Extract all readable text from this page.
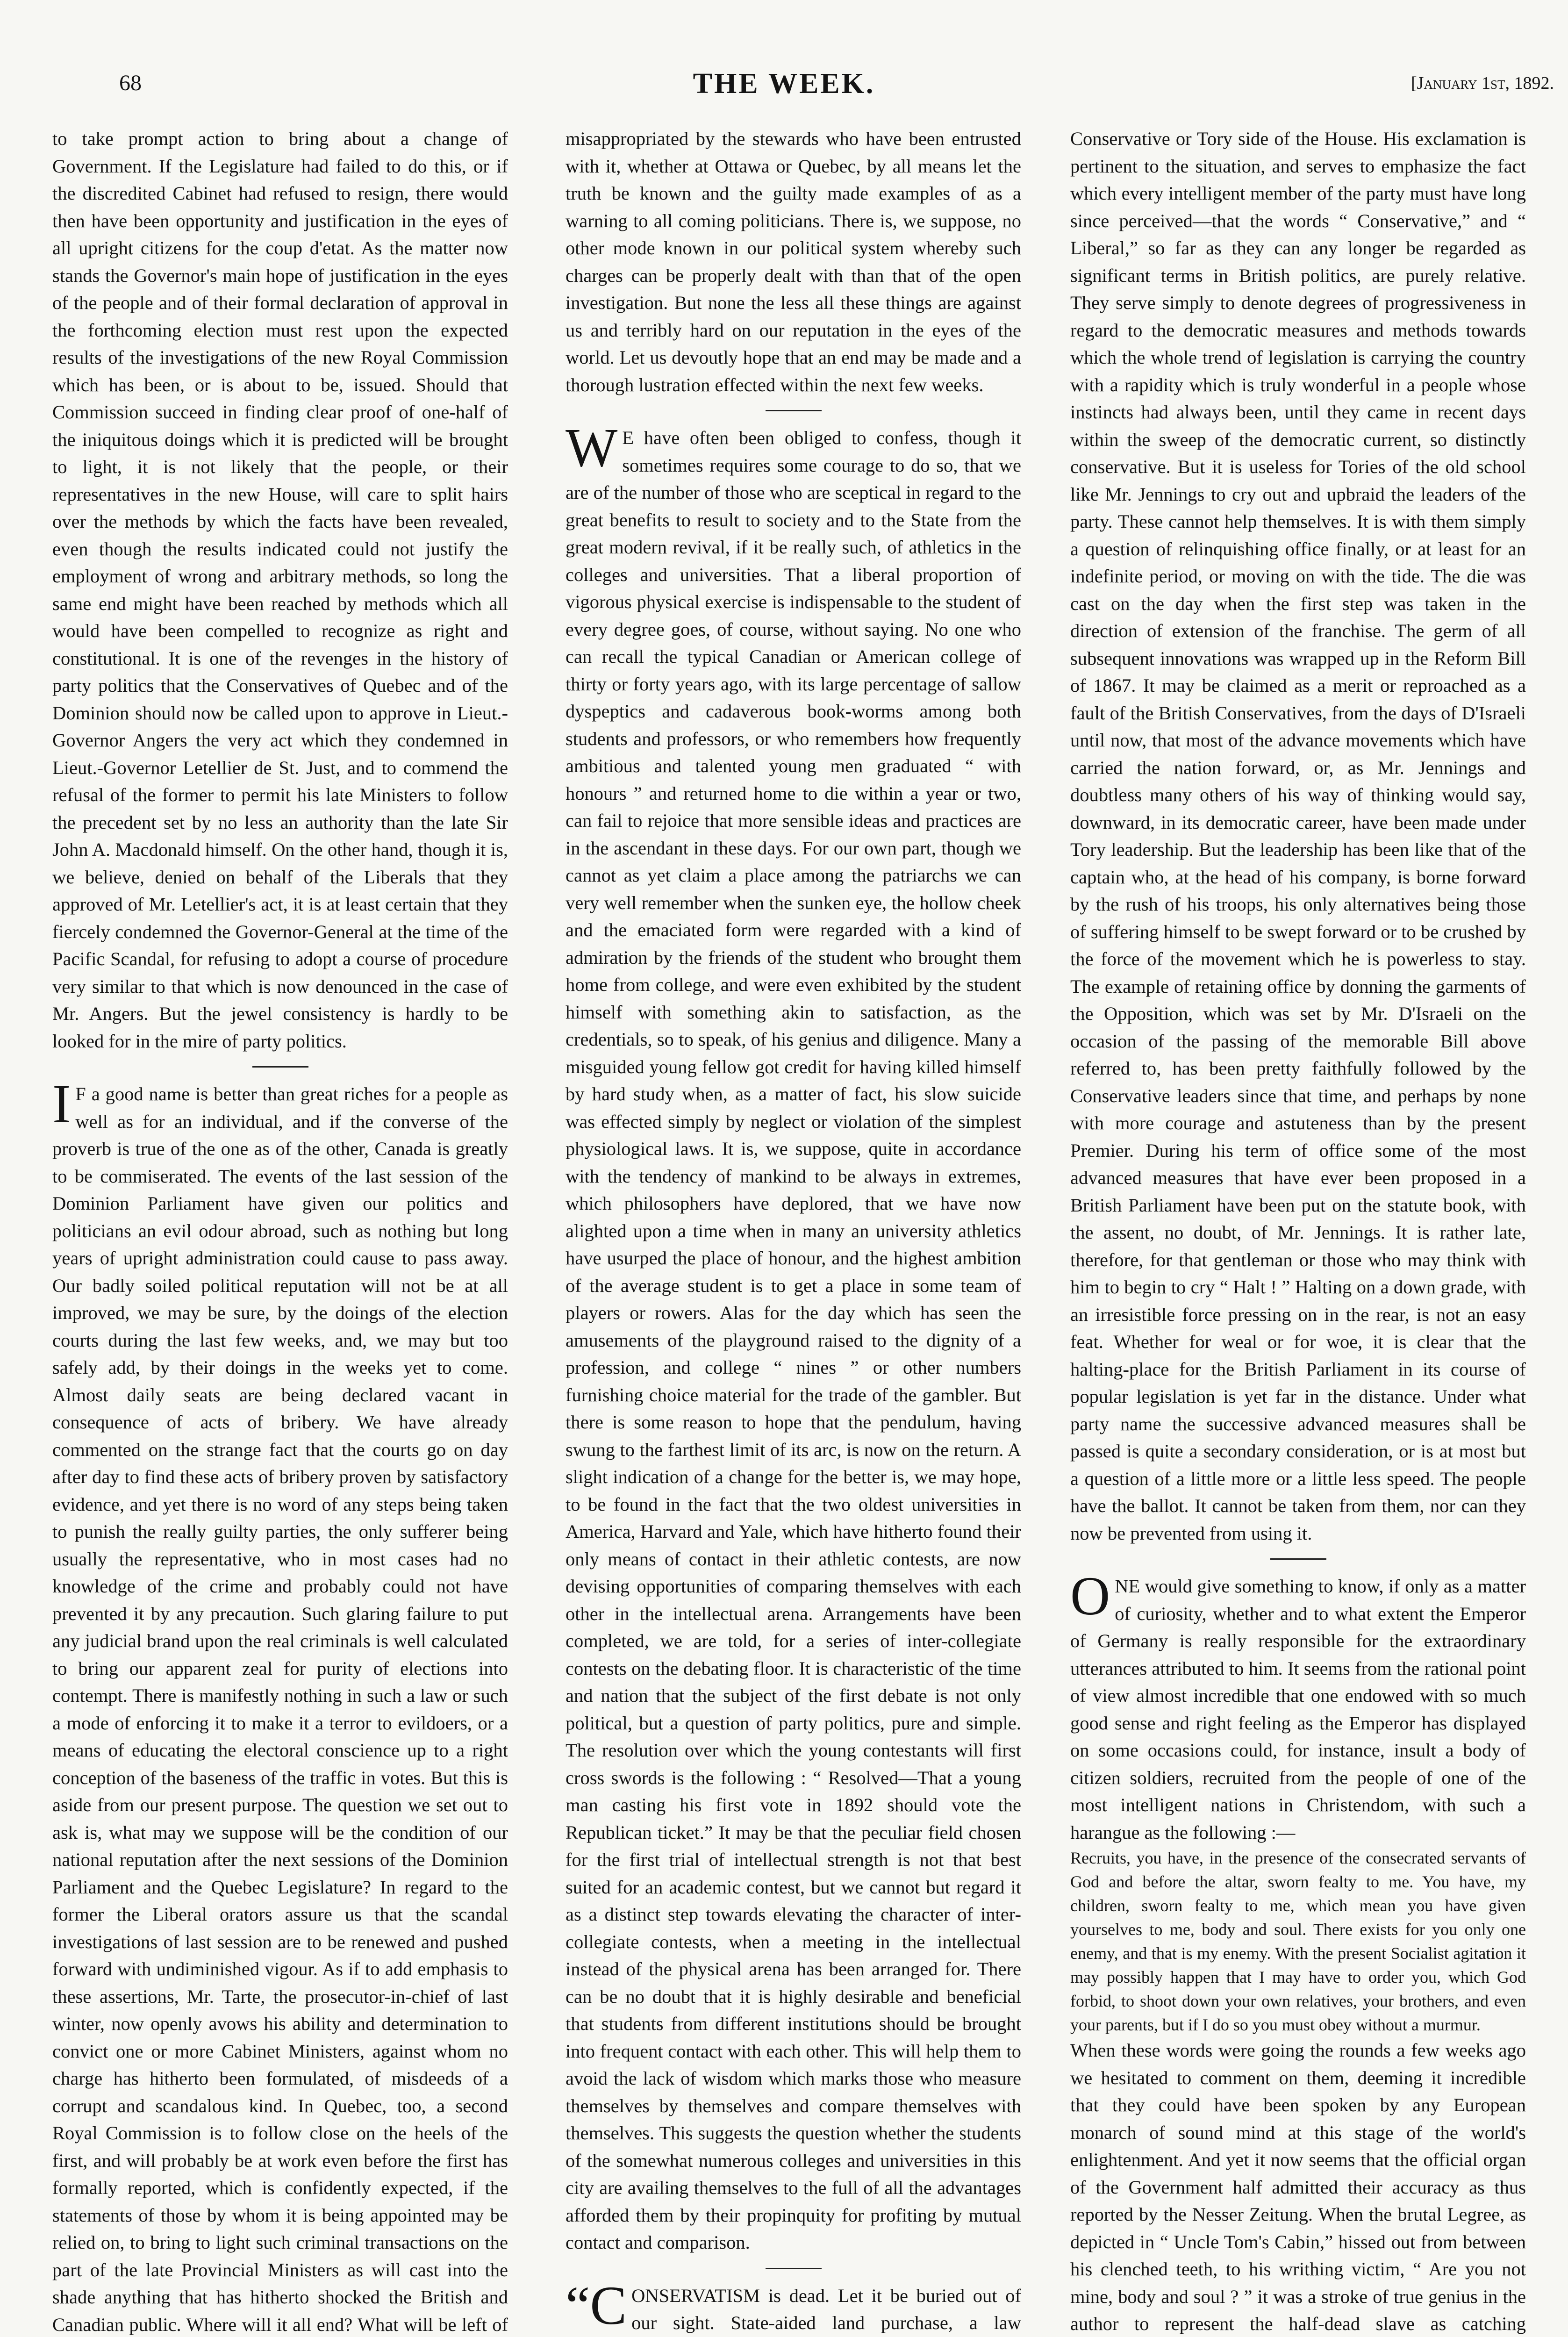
68	THE WEEK.	[January 1st, 1892.

to take prompt action to bring about a change of Government. If the Legislature had failed to do this, or if the discredited Cabinet had refused to resign, there would then have been opportunity and justification in the eyes of all upright citizens for the coup d'etat. As the matter now stands the Governor's main hope of justification in the eyes of the people and of their formal declaration of approval in the forthcoming election must rest upon the expected results of the investigations of the new Royal Commission which has been, or is about to be, issued. Should that Commission succeed in finding clear proof of one-half of the iniquitous doings which it is predicted will be brought to light, it is not likely that the people, or their representatives in the new House, will care to split hairs over the methods by which the facts have been revealed, even though the results indicated could not justify the employment of wrong and arbitrary methods, so long the same end might have been reached by methods which all would have been compelled to recognize as right and constitutional. It is one of the revenges in the history of party politics that the Conservatives of Quebec and of the Dominion should now be called upon to approve in Lieut.-Governor Angers the very act which they condemned in Lieut.-Governor Letellier de St. Just, and to commend the refusal of the former to permit his late Ministers to follow the precedent set by no less an authority than the late Sir John A. Macdonald himself. On the other hand, though it is, we believe, denied on behalf of the Liberals that they approved of Mr. Letellier's act, it is at least certain that they fiercely condemned the Governor-General at the time of the Pacific Scandal, for refusing to adopt a course of procedure very similar to that which is now denounced in the case of Mr. Angers. But the jewel consistency is hardly to be looked for in the mire of party politics.

I F a good name is better than great riches for a people as well as for an individual, and if the converse of the proverb is true of the one as of the other, Canada is greatly to be commiserated. The events of the last session of the Dominion Parliament have given our politics and politicians an evil odour abroad, such as nothing but long years of upright administration could cause to pass away. Our badly soiled political reputation will not be at all improved, we may be sure, by the doings of the election courts during the last few weeks, and, we may but too safely add, by their doings in the weeks yet to come. Almost daily seats are being declared vacant in consequence of acts of bribery. We have already commented on the strange fact that the courts go on day after day to find these acts of bribery proven by satisfactory evidence, and yet there is no word of any steps being taken to punish the really guilty parties, the only sufferer being usually the representative, who in most cases had no knowledge of the crime and probably could not have prevented it by any precaution. Such glaring failure to put any judicial brand upon the real criminals is well calculated to bring our apparent zeal for purity of elections into contempt. There is manifestly nothing in such a law or such a mode of enforcing it to make it a terror to evildoers, or a means of educating the electoral conscience up to a right conception of the baseness of the traffic in votes. But this is aside from our present purpose. The question we set out to ask is, what may we suppose will be the condition of our national reputation after the next sessions of the Dominion Parliament and the Quebec Legislature? In regard to the former the Liberal orators assure us that the scandal investigations of last session are to be renewed and pushed forward with undiminished vigour. As if to add emphasis to these assertions, Mr. Tarte, the prosecutor-in-chief of last winter, now openly avows his ability and determination to convict one or more Cabinet Ministers, against whom no charge has hitherto been formulated, of misdeeds of a corrupt and scandalous kind. In Quebec, too, a second Royal Commission is to follow close on the heels of the first, and will probably be at work even before the first has formally reported, which is confidently expected, if the statements of those by whom it is being appointed may be relied on, to bring to light such criminal transactions on the part of the late Provincial Ministers as will cast into the shade anything that has hitherto shocked the British and Canadian public. Where will it all end? What will be left of

misappropriated by the stewards who have been entrusted with it, whether at Ottawa or Quebec, by all means let the truth be known and the guilty made examples of as a warning to all coming politicians. There is, we suppose, no other mode known in our political system whereby such charges can be properly dealt with than that of the open investigation. But none the less all these things are against us and terribly hard on our reputation in the eyes of the world. Let us devoutly hope that an end may be made and a thorough lustration effected within the next few weeks.

W E have often been obliged to confess, though it sometimes requires some courage to do so, that we are of the number of those who are sceptical in regard to the great benefits to result to society and to the State from the great modern revival, if it be really such, of athletics in the colleges and universities. That a liberal proportion of vigorous physical exercise is indispensable to the student of every degree goes, of course, without saying. No one who can recall the typical Canadian or American college of thirty or forty years ago, with its large percentage of sallow dyspeptics and cadaverous book-worms among both students and professors, or who remembers how frequently ambitious and talented young men graduated “ with honours ” and returned home to die within a year or two, can fail to rejoice that more sensible ideas and practices are in the ascendant in these days. For our own part, though we cannot as yet claim a place among the patriarchs we can very well remember when the sunken eye, the hollow cheek and the emaciated form were regarded with a kind of admiration by the friends of the student who brought them home from college, and were even exhibited by the student himself with something akin to satisfaction, as the credentials, so to speak, of his genius and diligence. Many a misguided young fellow got credit for having killed himself by hard study when, as a matter of fact, his slow suicide was effected simply by neglect or violation of the simplest physiological laws. It is, we suppose, quite in accordance with the tendency of mankind to be always in extremes, which philosophers have deplored, that we have now alighted upon a time when in many an university athletics have usurped the place of honour, and the highest ambition of the average student is to get a place in some team of players or rowers. Alas for the day which has seen the amusements of the playground raised to the dignity of a profession, and college “ nines ” or other numbers furnishing choice material for the trade of the gambler. But there is some reason to hope that the pendulum, having swung to the farthest limit of its arc, is now on the return. A slight indication of a change for the better is, we may hope, to be found in the fact that the two oldest universities in America, Harvard and Yale, which have hitherto found their only means of contact in their athletic contests, are now devising opportunities of comparing themselves with each other in the intellectual arena. Arrangements have been completed, we are told, for a series of inter-collegiate contests on the debating floor. It is characteristic of the time and nation that the subject of the first debate is not only political, but a question of party politics, pure and simple. The resolution over which the young contestants will first cross swords is the following : “ Resolved—That a young man casting his first vote in 1892 should vote the Republican ticket.” It may be that the peculiar field chosen for the first trial of intellectual strength is not that best suited for an academic contest, but we cannot but regard it as a distinct step towards elevating the character of inter-collegiate contests, when a meeting in the intellectual instead of the physical arena has been arranged for. There can be no doubt that it is highly desirable and beneficial that students from different institutions should be brought into frequent contact with each other. This will help them to avoid the lack of wisdom which marks those who measure themselves by themselves and compare themselves with themselves. This suggests the question whether the students of the somewhat numerous colleges and universities in this city are availing themselves to the full of all the advantages afforded them by their propinquity for profiting by mutual contact and comparison.

“CONSERVATISM is dead. Let it be buried out of our sight. State-aided land purchase, a law

Conservative or Tory side of the House. His exclamation is pertinent to the situation, and serves to emphasize the fact which every intelligent member of the party must have long since perceived—that the words “ Conservative,” and “ Liberal,” so far as they can any longer be regarded as significant terms in British politics, are purely relative. They serve simply to denote degrees of progressiveness in regard to the democratic measures and methods towards which the whole trend of legislation is carrying the country with a rapidity which is truly wonderful in a people whose instincts had always been, until they came in recent days within the sweep of the democratic current, so distinctly conservative. But it is useless for Tories of the old school like Mr. Jennings to cry out and upbraid the leaders of the party. These cannot help themselves. It is with them simply a question of relinquishing office finally, or at least for an indefinite period, or moving on with the tide. The die was cast on the day when the first step was taken in the direction of extension of the franchise. The germ of all subsequent innovations was wrapped up in the Reform Bill of 1867. It may be claimed as a merit or reproached as a fault of the British Conservatives, from the days of D'Israeli until now, that most of the advance movements which have carried the nation forward, or, as Mr. Jennings and doubtless many others of his way of thinking would say, downward, in its democratic career, have been made under Tory leadership. But the leadership has been like that of the captain who, at the head of his company, is borne forward by the rush of his troops, his only alternatives being those of suffering himself to be swept forward or to be crushed by the force of the movement which he is powerless to stay. The example of retaining office by donning the garments of the Opposition, which was set by Mr. D'Israeli on the occasion of the passing of the memorable Bill above referred to, has been pretty faithfully followed by the Conservative leaders since that time, and perhaps by none with more courage and astuteness than by the present Premier. During his term of office some of the most advanced measures that have ever been proposed in a British Parliament have been put on the statute book, with the assent, no doubt, of Mr. Jennings. It is rather late, therefore, for that gentleman or those who may think with him to begin to cry “ Halt ! ” Halting on a down grade, with an irresistible force pressing on in the rear, is not an easy feat. Whether for weal or for woe, it is clear that the halting-place for the British Parliament in its course of popular legislation is yet far in the distance. Under what party name the successive advanced measures shall be passed is quite a secondary consideration, or is at most but a question of a little more or a little less speed. The people have the ballot. It cannot be taken from them, nor can they now be prevented from using it.

ONE would give something to know, if only as a matter of curiosity, whether and to what extent the Emperor of Germany is really responsible for the extraordinary utterances attributed to him. It seems from the rational point of view almost incredible that one endowed with so much good sense and right feeling as the Emperor has displayed on some occasions could, for instance, insult a body of citizen soldiers, recruited from the people of one of the most intelligent nations in Christendom, with such a harangue as the following :—

Recruits, you have, in the presence of the consecrated servants of God and before the altar, sworn fealty to me. You have, my children, sworn fealty to me, which mean you have given yourselves to me, body and soul. There exists for you only one enemy, and that is my enemy. With the present Socialist agitation it may possibly happen that I may have to order you, which God forbid, to shoot down your own relatives, your brothers, and even your parents, but if I do so you must obey without a murmur.

When these words were going the rounds a few weeks ago we hesitated to comment on them, deeming it incredible that they could have been spoken by any European monarch of sound mind at this stage of the world's enlightenment. And yet it now seems that the official organ of the Government half admitted their accuracy as thus reported by the Nesser Zeitung. When the brutal Legree, as depicted in “ Uncle Tom's Cabin,” hissed out from between his clenched teeth, to his writhing victim, “ Are you not mine, body and soul ? ” it was a stroke of true genius in the author to represent the half-dead slave as catching
